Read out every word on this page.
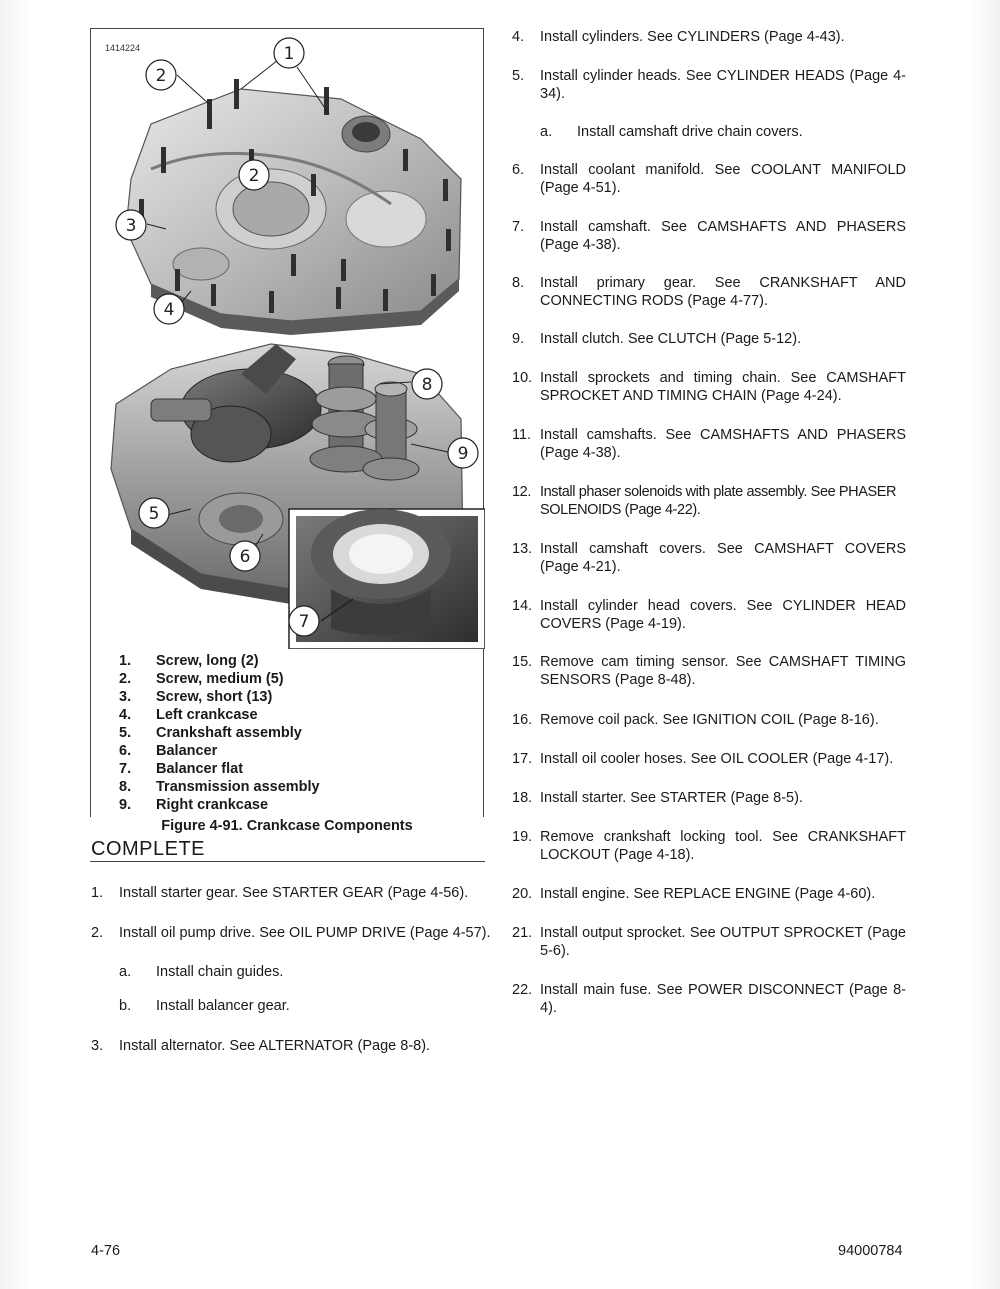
1414224	1
2
2
3
4
8
9
5
6
7
1.	Screw, long (2)
2.	Screw, medium (5)
3.	Screw, short (13)
4.	Left crankcase
5.	Crankshaft assembly
6.	Balancer
7.	Balancer flat
8.	Transmission assembly
9.	Right crankcase
Figure 4-91. Crankcase Components
COMPLETE
1.	Install starter gear. See STARTER GEAR (Page 4-56).
2.	Install oil pump drive. See OIL PUMP DRIVE (Page 4-57).
a.	Install chain guides.
b.	Install balancer gear.
3.	Install alternator. See ALTERNATOR (Page 8-8).
4.	Install cylinders. See CYLINDERS (Page 4-43).
5.	Install cylinder heads. See CYLINDER HEADS (Page 4-34).
a.	Install camshaft drive chain covers.
6.	Install coolant manifold. See COOLANT MANIFOLD (Page 4-51).
7.	Install camshaft. See CAMSHAFTS AND PHASERS (Page 4-38).
8.	Install primary gear. See CRANKSHAFT AND CONNECTING RODS (Page 4-77).
9.	Install clutch. See CLUTCH (Page 5-12).
10. Install sprockets and timing chain. See CAMSHAFT SPROCKET AND TIMING CHAIN (Page 4-24).
11. Install camshafts. See CAMSHAFTS AND PHASERS (Page 4-38).
12. Install phaser solenoids with plate assembly. See PHASER SOLENOIDS (Page 4-22).
13. Install camshaft covers. See CAMSHAFT COVERS (Page 4-21).
14. Install cylinder head covers. See CYLINDER HEAD COVERS (Page 4-19).
15. Remove cam timing sensor. See CAMSHAFT TIMING SENSORS (Page 8-48).
16. Remove coil pack. See IGNITION COIL (Page 8-16).
17. Install oil cooler hoses. See OIL COOLER (Page 4-17).
18. Install starter. See STARTER (Page 8-5).
19. Remove crankshaft locking tool. See CRANKSHAFT LOCKOUT (Page 4-18).
20. Install engine. See REPLACE ENGINE (Page 4-60).
21. Install output sprocket. See OUTPUT SPROCKET (Page 5-6).
22. Install main fuse. See POWER DISCONNECT (Page 8-4).
4-76	94000784
